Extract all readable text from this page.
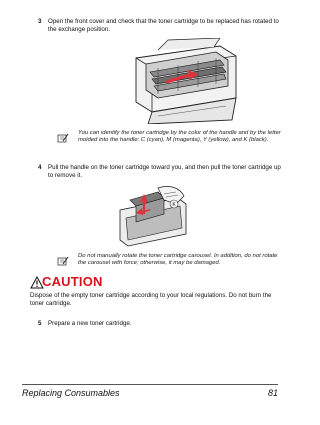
3 Open the front cover and check that the toner cartridge to be replaced has rotated to the exchange position.
You can identify the toner cartridge by the color of the handle and by the letter molded into the handle: C (cyan), M (magenta), Y (yellow), and K (black).
4 Pull the handle on the toner cartridge toward you, and then pull the toner cartridge up to remove it.
K
Do not manually rotate the toner cartridge carousel. In addition, do not rotate the carousel with force; otherwise, it may be damaged.
CAUTION
Dispose of the empty toner cartridge according to your local regulations. Do not burn the toner cartridge.
5 Prepare a new toner cartridge.
Replacing Consumables	81
